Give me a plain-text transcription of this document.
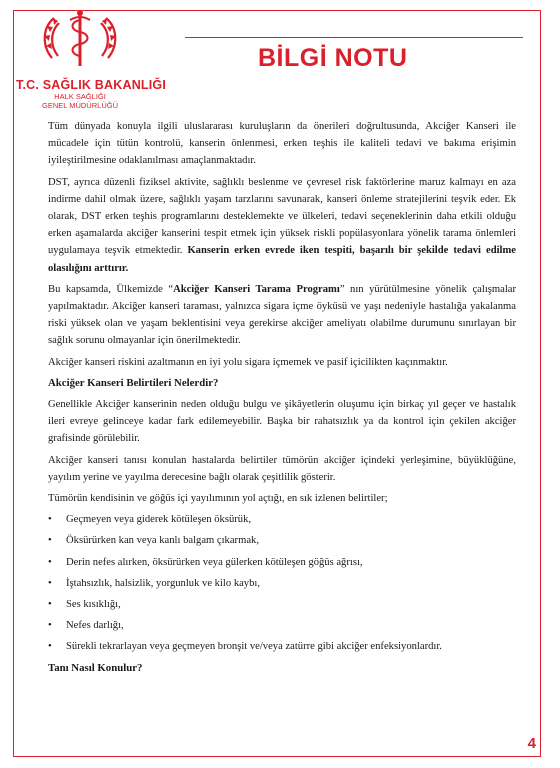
T.C. SAĞLIK BAKANLIĞI
HALK SAĞLIĞI
GENEL MÜDÜRLÜĞÜ
BİLGİ NOTU

Tüm dünyada konuyla ilgili uluslararası kuruluşların da önerileri doğrultusunda, Akciğer Kanseri ile mücadele için tütün kontrolü, kanserin önlenmesi, erken teşhis ile kaliteli tedavi ve bakıma erişimin iyileştirilmesine odaklanılması amaçlanmaktadır.

DST, ayrıca düzenli fiziksel aktivite, sağlıklı beslenme ve çevresel risk faktörlerine maruz kalmayı en aza indirme dahil olmak üzere, sağlıklı yaşam tarzlarını savunarak, kanseri önleme stratejilerini teşvik eder. Ek olarak, DST erken teşhis programlarını desteklemekte ve ülkeleri, tedavi seçeneklerinin daha etkili olduğu erken aşamalarda akciğer kanserini tespit etmek için yüksek riskli popülasyonlara yönelik tarama önlemleri uygulamaya teşvik etmektedir. Kanserin erken evrede iken tespiti, başarılı bir şekilde tedavi edilme olasılığını arttırır.

Bu kapsamda, Ülkemizde “Akciğer Kanseri Tarama Programı” nın yürütülmesine yönelik çalışmalar yapılmaktadır. Akciğer kanseri taraması, yalnızca sigara içme öyküsü ve yaşı nedeniyle hastalığa yakalanma riski yüksek olan ve yaşam beklentisini veya gerekirse akciğer ameliyatı olabilme durumunu sınırlayan bir sağlık sorunu olmayanlar için önerilmektedir.

Akciğer kanseri riskini azaltmanın en iyi yolu sigara içmemek ve pasif içicilikten kaçınmaktır.

Akciğer Kanseri Belirtileri Nelerdir?

Genellikle Akciğer kanserinin neden olduğu bulgu ve şikâyetlerin oluşumu için birkaç yıl geçer ve hastalık ileri evreye gelinceye kadar fark edilemeyebilir. Başka bir rahatsızlık ya da kontrol için çekilen akciğer grafisinde görülebilir.

Akciğer kanseri tanısı konulan hastalarda belirtiler tümörün akciğer içindeki yerleşimine, büyüklüğüne, yayılım yerine ve yayılma derecesine bağlı olarak çeşitlilik gösterir.

Tümörün kendisinin ve göğüs içi yayılımının yol açtığı, en sık izlenen belirtiler;

• Geçmeyen veya giderek kötüleşen öksürük,
• Öksürürken kan veya kanlı balgam çıkarmak,
• Derin nefes alırken, öksürürken veya gülerken kötüleşen göğüs ağrısı,
• İştahsızlık, halsizlik, yorgunluk ve kilo kaybı,
• Ses kısıklığı,
• Nefes darlığı,
• Sürekli tekrarlayan veya geçmeyen bronşit ve/veya zatürre gibi akciğer enfeksiyonlardır.
Tanı Nasıl Konulur?
4
